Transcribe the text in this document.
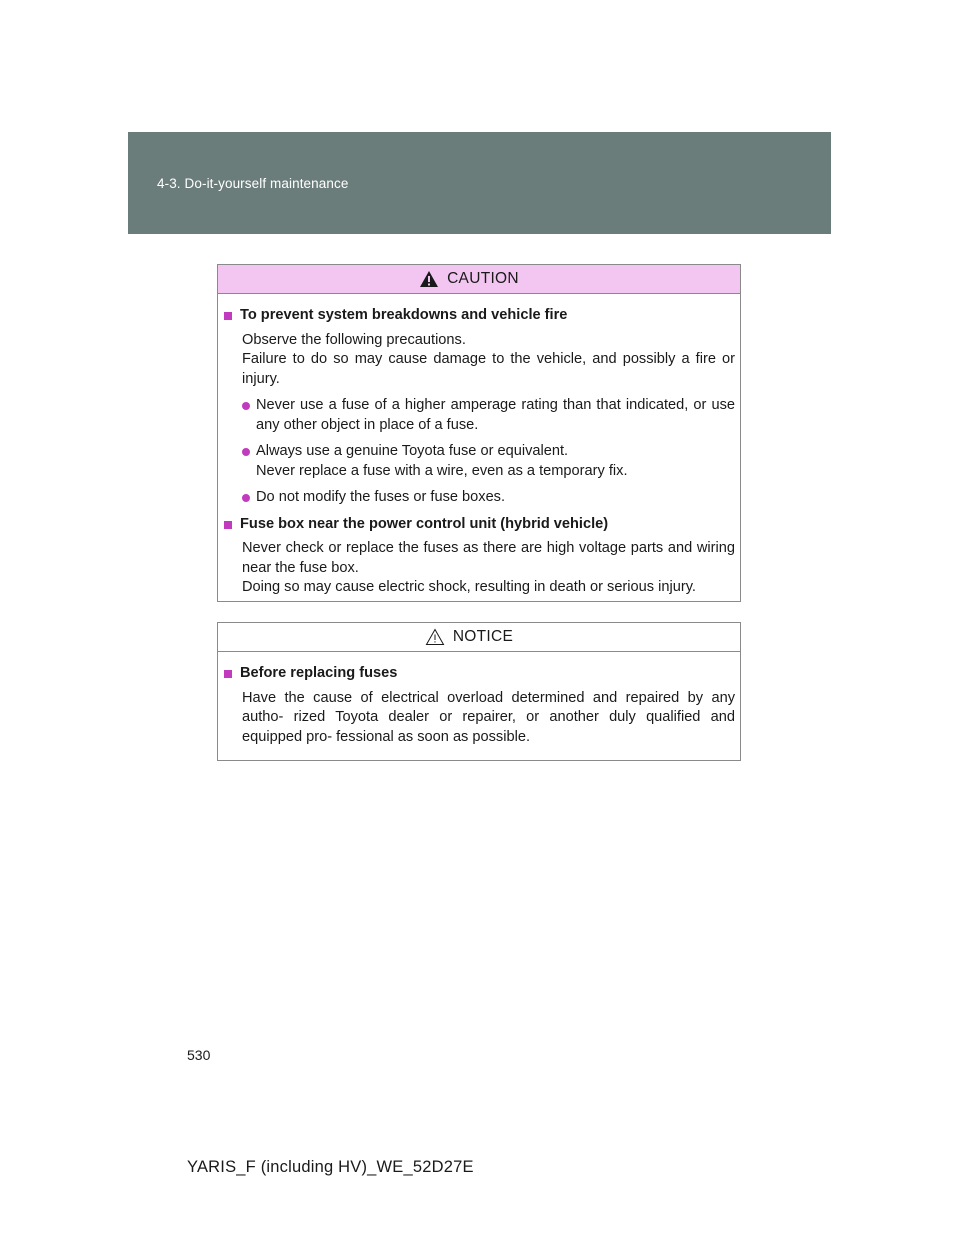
4-3. Do-it-yourself maintenance
CAUTION
To prevent system breakdowns and vehicle fire

Observe the following precautions.

Failure to do so may cause damage to the vehicle, and possibly a fire or injury.

Never use a fuse of a higher amperage rating than that indicated, or use any other object in place of a fuse.

Always use a genuine Toyota fuse or equivalent.

Never replace a fuse with a wire, even as a temporary fix.

Do not modify the fuses or fuse boxes.

Fuse box near the power control unit (hybrid vehicle)

Never check or replace the fuses as there are high voltage parts and wiring near the fuse box.

Doing so may cause electric shock, resulting in death or serious injury.

NOTICE
Before replacing fuses

Have the cause of electrical overload determined and repaired by any autho- rized Toyota dealer or repairer, or another duly qualified and equipped pro- fessional as soon as possible.

530
YARIS_F (including HV)_WE_52D27E
